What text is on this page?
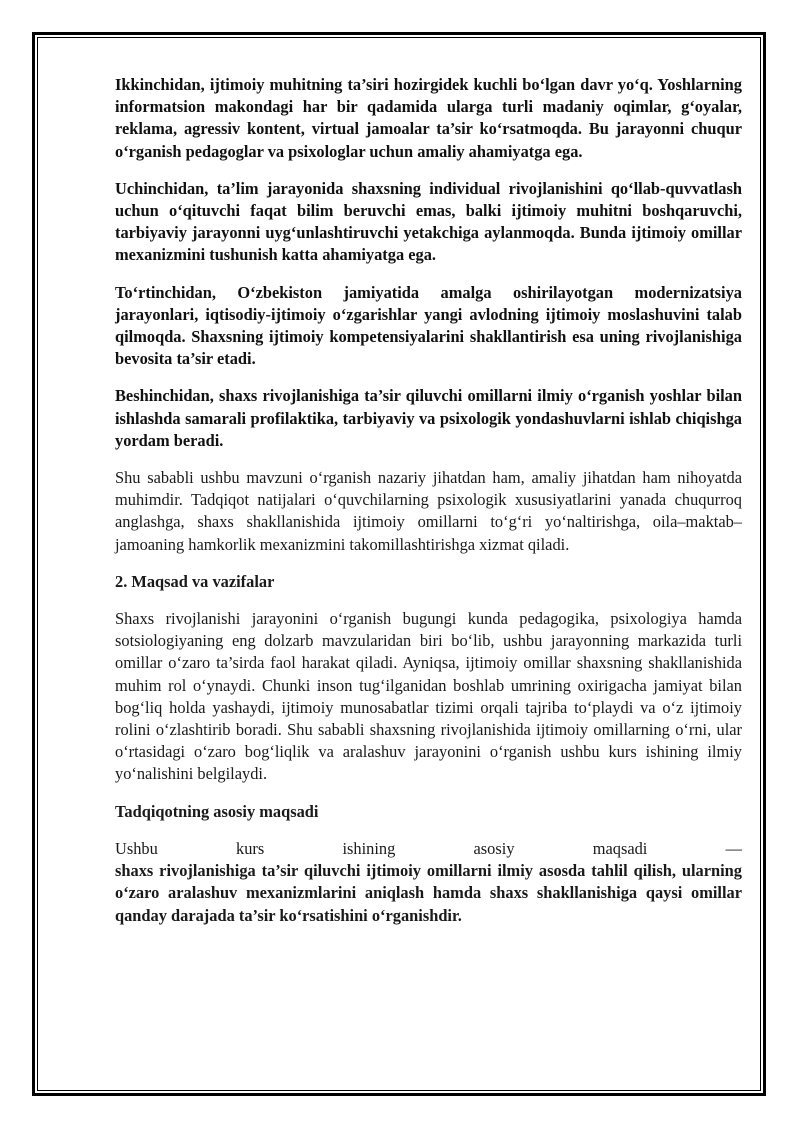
Ikkinchidan, ijtimoiy muhitning ta’siri hozirgidek kuchli bo‘lgan davr yo‘q. Yoshlarning informatsion makondagi har bir qadamida ularga turli madaniy oqimlar, g‘oyalar, reklama, agressiv kontent, virtual jamoalar ta’sir ko‘rsatmoqda. Bu jarayonni chuqur o‘rganish pedagoglar va psixologlar uchun amaliy ahamiyatga ega.

Uchinchidan, ta’lim jarayonida shaxsning individual rivojlanishini qo‘llab-quvvatlash uchun o‘qituvchi faqat bilim beruvchi emas, balki ijtimoiy muhitni boshqaruvchi, tarbiyaviy jarayonni uyg‘unlashtiruvchi yetakchiga aylanmoqda. Bunda ijtimoiy omillar mexanizmini tushunish katta ahamiyatga ega.

To‘rtinchidan, O‘zbekiston jamiyatida amalga oshirilayotgan modernizatsiya jarayonlari, iqtisodiy-ijtimoiy o‘zgarishlar yangi avlodning ijtimoiy moslashuvini talab qilmoqda. Shaxsning ijtimoiy kompetensiyalarini shakllantirish esa uning rivojlanishiga bevosita ta’sir etadi.

Beshinchidan, shaxs rivojlanishiga ta’sir qiluvchi omillarni ilmiy o‘rganish yoshlar bilan ishlashda samarali profilaktika, tarbiyaviy va psixologik yondashuvlarni ishlab chiqishga yordam beradi.

Shu sababli ushbu mavzuni o‘rganish nazariy jihatdan ham, amaliy jihatdan ham nihoyatda muhimdir. Tadqiqot natijalari o‘quvchilarning psixologik xususiyatlarini yanada chuqurroq anglashga, shaxs shakllanishida ijtimoiy omillarni to‘g‘ri yo‘naltirishga, oila–maktab–jamoaning hamkorlik mexanizmini takomillashtirishga xizmat qiladi.

2. Maqsad va vazifalar

Shaxs rivojlanishi jarayonini o‘rganish bugungi kunda pedagogika, psixologiya hamda sotsiologiyaning eng dolzarb mavzularidan biri bo‘lib, ushbu jarayonning markazida turli omillar o‘zaro ta’sirda faol harakat qiladi. Ayniqsa, ijtimoiy omillar shaxsning shakllanishida muhim rol o‘ynaydi. Chunki inson tug‘ilganidan boshlab umrining oxirigacha jamiyat bilan bog‘liq holda yashaydi, ijtimoiy munosabatlar tizimi orqali tajriba to‘playdi va o‘z ijtimoiy rolini o‘zlashtirib boradi. Shu sababli shaxsning rivojlanishida ijtimoiy omillarning o‘rni, ular o‘rtasidagi o‘zaro bog‘liqlik va aralashuv jarayonini o‘rganish ushbu kurs ishining ilmiy yo‘nalishini belgilaydi.

Tadqiqotning asosiy maqsadi
Ushbu	kurs	ishining	asosiy	maqsadi	—

shaxs rivojlanishiga ta’sir qiluvchi ijtimoiy omillarni ilmiy asosda tahlil qilish, ularning o‘zaro aralashuv mexanizmlarini aniqlash hamda shaxs shakllanishiga qaysi omillar qanday darajada ta’sir ko‘rsatishini o‘rganishdir.
